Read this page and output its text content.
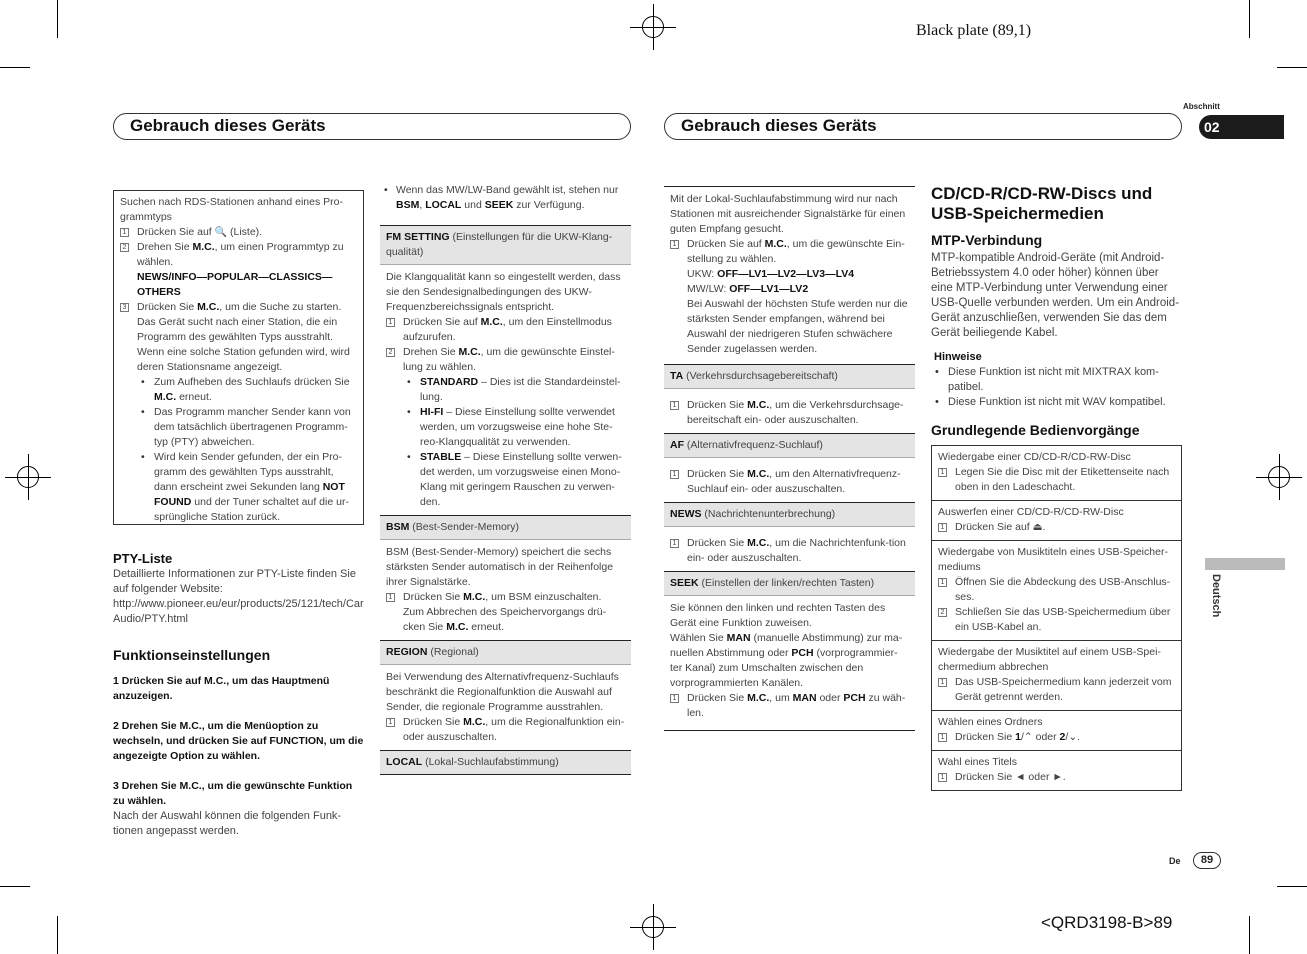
Black plate (89,1)
Gebrauch dieses Geräts	Gebrauch dieses Geräts
Abschnitt
02
Suchen nach RDS-Stationen anhand eines Pro-grammtyps
1 Drücken Sie auf 🔍 (Liste).
2 Drehen Sie M.C., um einen Programmtyp zu wählen.
NEWS/INFO—POPULAR—CLASSICS—OTHERS
3 Drücken Sie M.C., um die Suche zu starten.
Das Gerät sucht nach einer Station, die ein Programm des gewählten Typs ausstrahlt. Wenn eine solche Station gefunden wird, wird deren Stationsname angezeigt.
• Zum Aufheben des Suchlaufs drücken Sie M.C. erneut.
• Das Programm mancher Sender kann von dem tatsächlich übertragenen Programm-typ (PTY) abweichen.
• Wird kein Sender gefunden, der ein Pro-gramm des gewählten Typs ausstrahlt, dann erscheint zwei Sekunden lang NOT FOUND und der Tuner schaltet auf die ur-sprüngliche Station zurück.
PTY-Liste
Detaillierte Informationen zur PTY-Liste finden Sie auf folgender Website:
http://www.pioneer.eu/eur/products/25/121/tech/CarAudio/PTY.html
Funktionseinstellungen
1 Drücken Sie auf M.C., um das Hauptmenü anzuzeigen.
2 Drehen Sie M.C., um die Menüoption zu wechseln, und drücken Sie auf FUNCTION, um die angezeigte Option zu wählen.
3 Drehen Sie M.C., um die gewünschte Funktion zu wählen.
Nach der Auswahl können die folgenden Funk-tionen angepasst werden.
• Wenn das MW/LW-Band gewählt ist, stehen nur BSM, LOCAL und SEEK zur Verfügung.
FM SETTING (Einstellungen für die UKW-Klang-qualität)
Die Klangqualität kann so eingestellt werden, dass sie den Sendesignalbedingungen des UKW-Frequenzbereichssignals entspricht.
1 Drücken Sie auf M.C., um den Einstellmodus aufzurufen.
2 Drehen Sie M.C., um die gewünschte Einstel-lung zu wählen.
• STANDARD – Dies ist die Standardeinstel-lung.
• HI-FI – Diese Einstellung sollte verwendet werden, um vorzugsweise eine hohe Ste-reo-Klangqualität zu verwenden.
• STABLE – Diese Einstellung sollte verwen-det werden, um vorzugsweise einen Mono-Klang mit geringem Rauschen zu verwen-den.
BSM (Best-Sender-Memory)
BSM (Best-Sender-Memory) speichert die sechs stärksten Sender automatisch in der Reihenfolge ihrer Signalstärke.
1 Drücken Sie M.C., um BSM einzuschalten.
Zum Abbrechen des Speichervorgangs drü-cken Sie M.C. erneut.
REGION (Regional)
Bei Verwendung des Alternativfrequenz-Suchlaufs beschränkt die Regionalfunktion die Auswahl auf Sender, die regionale Programme ausstrahlen.
1 Drücken Sie M.C., um die Regionalfunktion ein- oder auszuschalten.
LOCAL (Lokal-Suchlaufabstimmung)
Mit der Lokal-Suchlaufabstimmung wird nur nach Stationen mit ausreichender Signalstärke für einen guten Empfang gesucht.
1 Drücken Sie auf M.C., um die gewünschte Ein-stellung zu wählen.
UKW: OFF—LV1—LV2—LV3—LV4
MW/LW: OFF—LV1—LV2
Bei Auswahl der höchsten Stufe werden nur die stärksten Sender empfangen, während bei Auswahl der niedrigeren Stufen schwächere Sender zugelassen werden.
TA (Verkehrsdurchsagebereitschaft)
1 Drücken Sie M.C., um die Verkehrsdurchsage-bereitschaft ein- oder auszuschalten.
AF (Alternativfrequenz-Suchlauf)
1 Drücken Sie M.C., um den Alternativfrequenz-Suchlauf ein- oder auszuschalten.
NEWS (Nachrichtenunterbrechung)
1 Drücken Sie M.C., um die Nachrichtenfunk-tion ein- oder auszuschalten.
SEEK (Einstellen der linken/rechten Tasten)
Sie können den linken und rechten Tasten des Gerät eine Funktion zuweisen.
Wählen Sie MAN (manuelle Abstimmung) zur ma-nuellen Abstimmung oder PCH (vorprogrammier-ter Kanal) zum Umschalten zwischen den vorprogrammierten Kanälen.
1 Drücken Sie M.C., um MAN oder PCH zu wäh-len.
CD/CD-R/CD-RW-Discs und USB-Speichermedien
MTP-Verbindung
MTP-kompatible Android-Geräte (mit Android-Betriebssystem 4.0 oder höher) können über eine MTP-Verbindung unter Verwendung einer USB-Quelle verbunden werden. Um ein Android-Gerät anzuschließen, verwenden Sie das dem Gerät beiliegende Kabel.
Hinweise
• Diese Funktion ist nicht mit MIXTRAX kom-patibel.
• Diese Funktion ist nicht mit WAV kompatibel.
Grundlegende Bedienvorgänge
Wiedergabe einer CD/CD-R/CD-RW-Disc
1 Legen Sie die Disc mit der Etikettenseite nach oben in den Ladeschacht.
Auswerfen einer CD/CD-R/CD-RW-Disc
1 Drücken Sie auf ⏏.
Wiedergabe von Musiktiteln eines USB-Speicher-mediums
1 Öffnen Sie die Abdeckung des USB-Anschlus-ses.
2 Schließen Sie das USB-Speichermedium über ein USB-Kabel an.
Wiedergabe der Musiktitel auf einem USB-Spei-chermedium abbrechen
1 Das USB-Speichermedium kann jederzeit vom Gerät getrennt werden.
Wählen eines Ordners
1 Drücken Sie 1/⌃ oder 2/⌄.
Wahl eines Titels
1 Drücken Sie ◄ oder ►.
Deutsch
De	89
<QRD3198-B>89
